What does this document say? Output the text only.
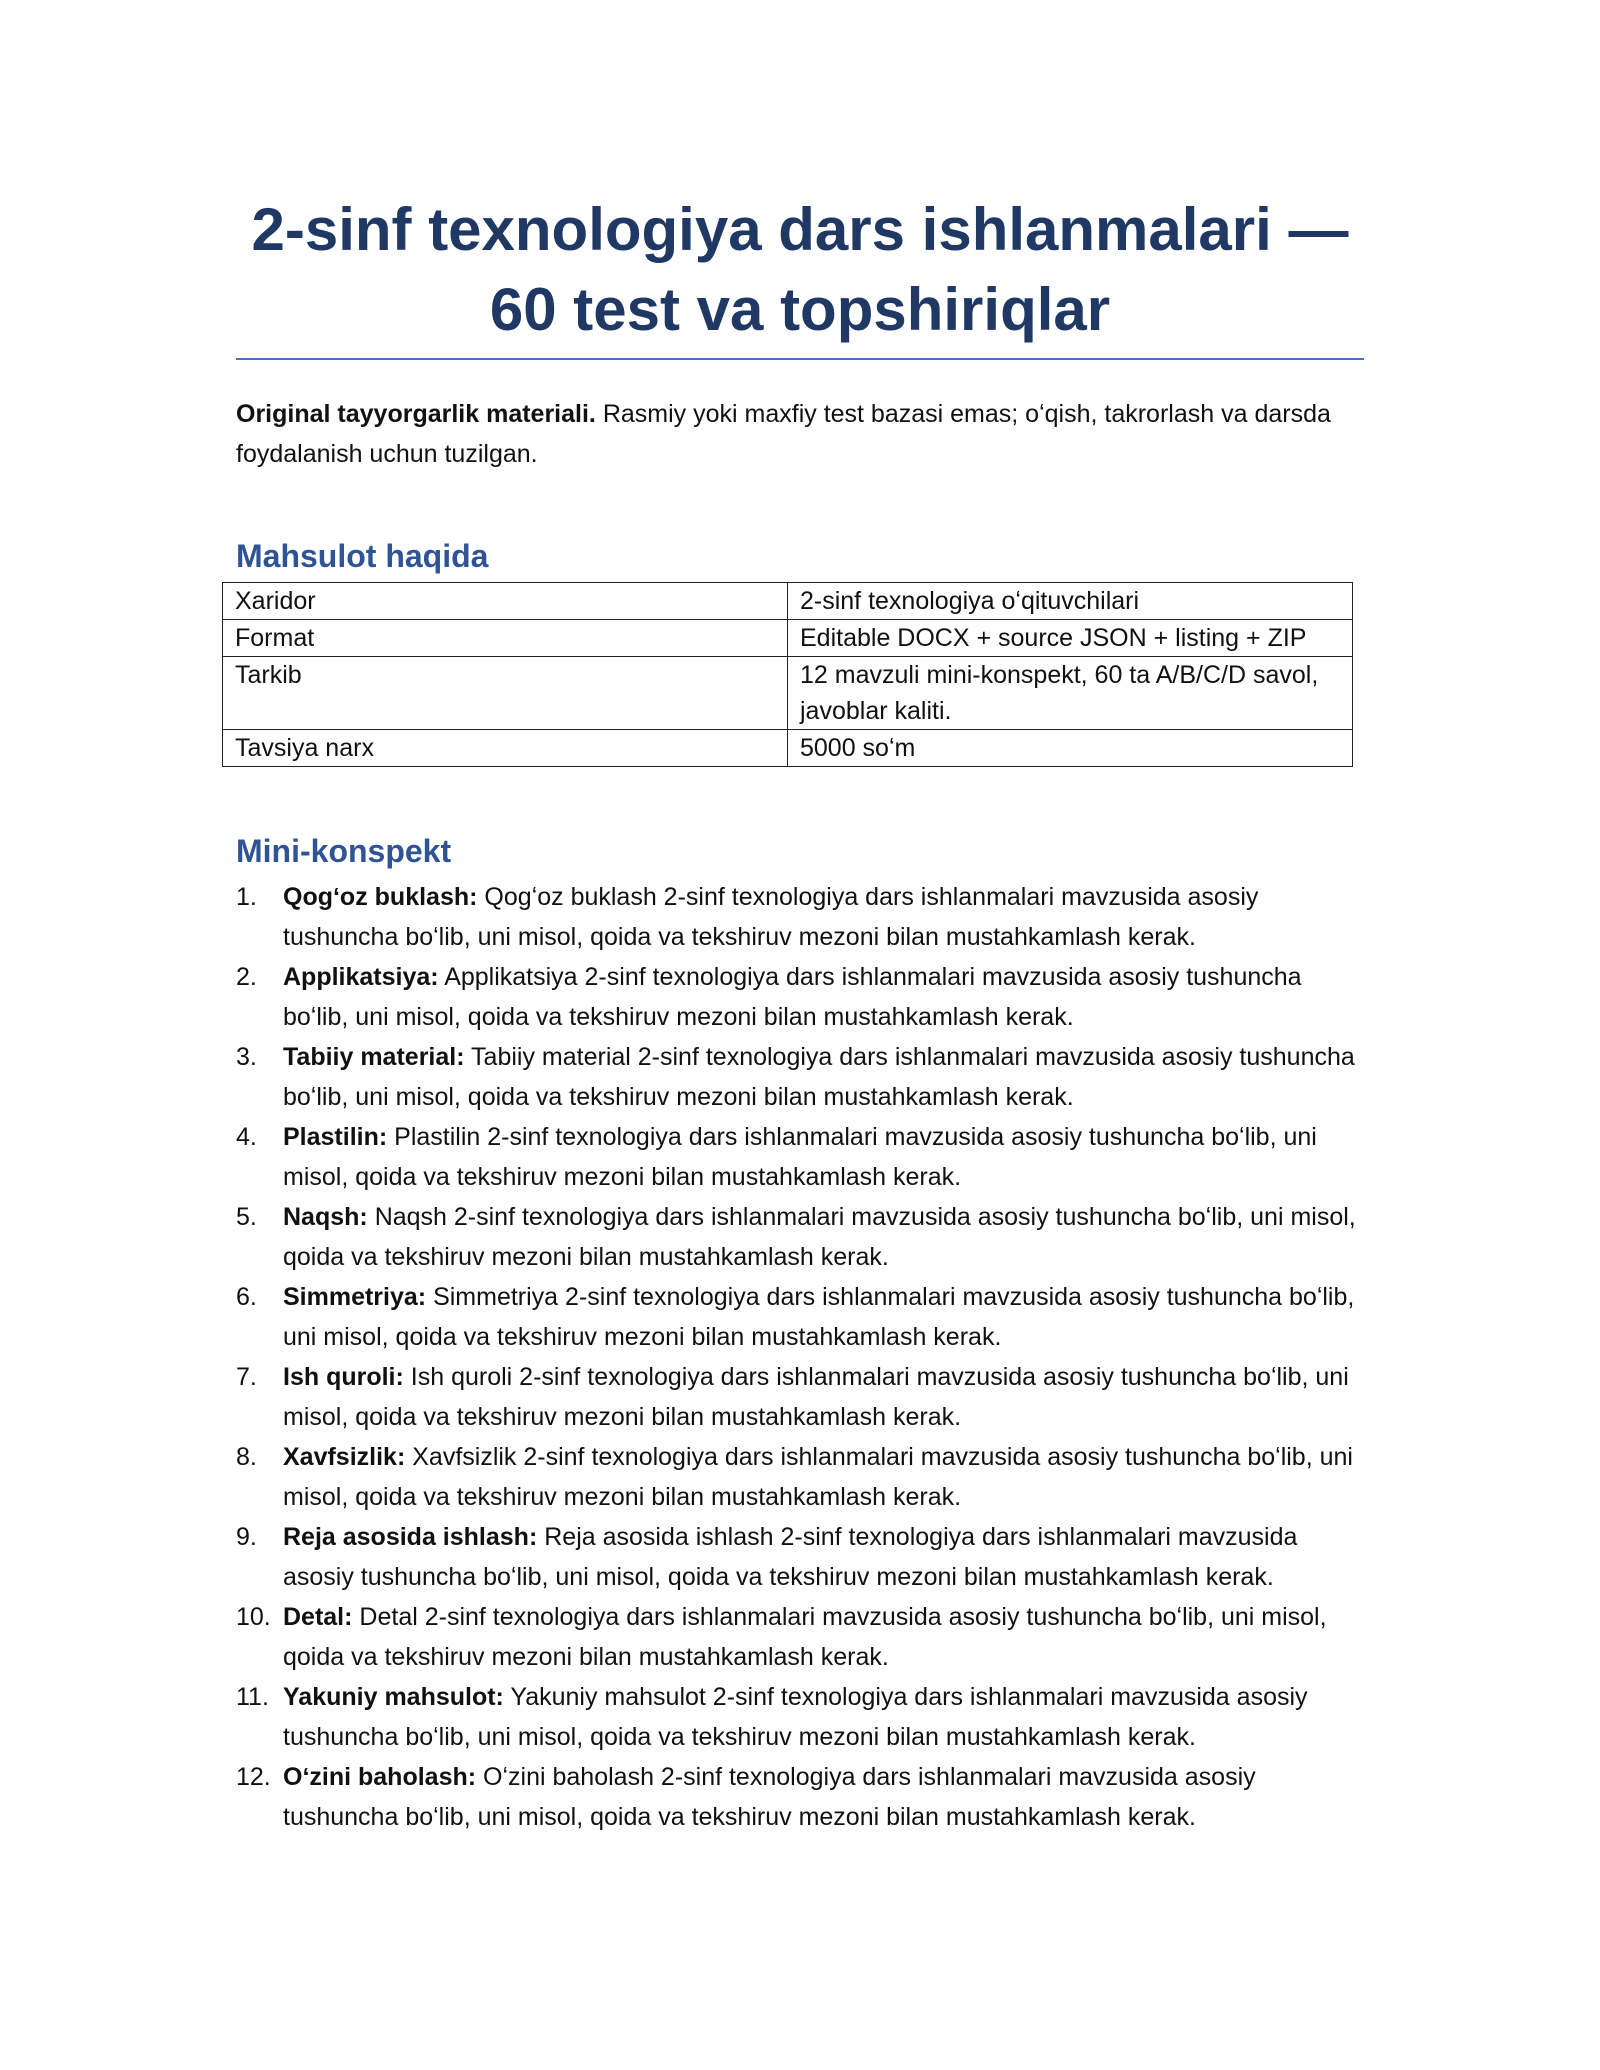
2-sinf texnologiya dars ishlanmalari —
60 test va topshiriqlar

Original tayyorgarlik materiali. Rasmiy yoki maxfiy test bazasi emas; oʻqish, takrorlash va darsda foydalanish uchun tuzilgan.

Mahsulot haqida
Xaridor	2-sinf texnologiya oʻqituvchilari
Format	Editable DOCX + source JSON + listing + ZIP
Tarkib	12 mavzuli mini-konspekt, 60 ta A/B/C/D savol, javoblar kaliti.
Tavsiya narx	5000 soʻm
Mini-konspekt
1. Qogʻoz buklash: Qogʻoz buklash 2-sinf texnologiya dars ishlanmalari mavzusida asosiy tushuncha boʻlib, uni misol, qoida va tekshiruv mezoni bilan mustahkamlash kerak.
2. Applikatsiya: Applikatsiya 2-sinf texnologiya dars ishlanmalari mavzusida asosiy tushuncha boʻlib, uni misol, qoida va tekshiruv mezoni bilan mustahkamlash kerak.
3. Tabiiy material: Tabiiy material 2-sinf texnologiya dars ishlanmalari mavzusida asosiy tushuncha boʻlib, uni misol, qoida va tekshiruv mezoni bilan mustahkamlash kerak.
4. Plastilin: Plastilin 2-sinf texnologiya dars ishlanmalari mavzusida asosiy tushuncha boʻlib, uni misol, qoida va tekshiruv mezoni bilan mustahkamlash kerak.
5. Naqsh: Naqsh 2-sinf texnologiya dars ishlanmalari mavzusida asosiy tushuncha boʻlib, uni misol, qoida va tekshiruv mezoni bilan mustahkamlash kerak.
6. Simmetriya: Simmetriya 2-sinf texnologiya dars ishlanmalari mavzusida asosiy tushuncha boʻlib, uni misol, qoida va tekshiruv mezoni bilan mustahkamlash kerak.
7. Ish quroli: Ish quroli 2-sinf texnologiya dars ishlanmalari mavzusida asosiy tushuncha boʻlib, uni misol, qoida va tekshiruv mezoni bilan mustahkamlash kerak.
8. Xavfsizlik: Xavfsizlik 2-sinf texnologiya dars ishlanmalari mavzusida asosiy tushuncha boʻlib, uni misol, qoida va tekshiruv mezoni bilan mustahkamlash kerak.
9. Reja asosida ishlash: Reja asosida ishlash 2-sinf texnologiya dars ishlanmalari mavzusida asosiy tushuncha boʻlib, uni misol, qoida va tekshiruv mezoni bilan mustahkamlash kerak.
10. Detal: Detal 2-sinf texnologiya dars ishlanmalari mavzusida asosiy tushuncha boʻlib, uni misol, qoida va tekshiruv mezoni bilan mustahkamlash kerak.
11. Yakuniy mahsulot: Yakuniy mahsulot 2-sinf texnologiya dars ishlanmalari mavzusida asosiy tushuncha boʻlib, uni misol, qoida va tekshiruv mezoni bilan mustahkamlash kerak.
12. Oʻzini baholash: Oʻzini baholash 2-sinf texnologiya dars ishlanmalari mavzusida asosiy tushuncha boʻlib, uni misol, qoida va tekshiruv mezoni bilan mustahkamlash kerak.
